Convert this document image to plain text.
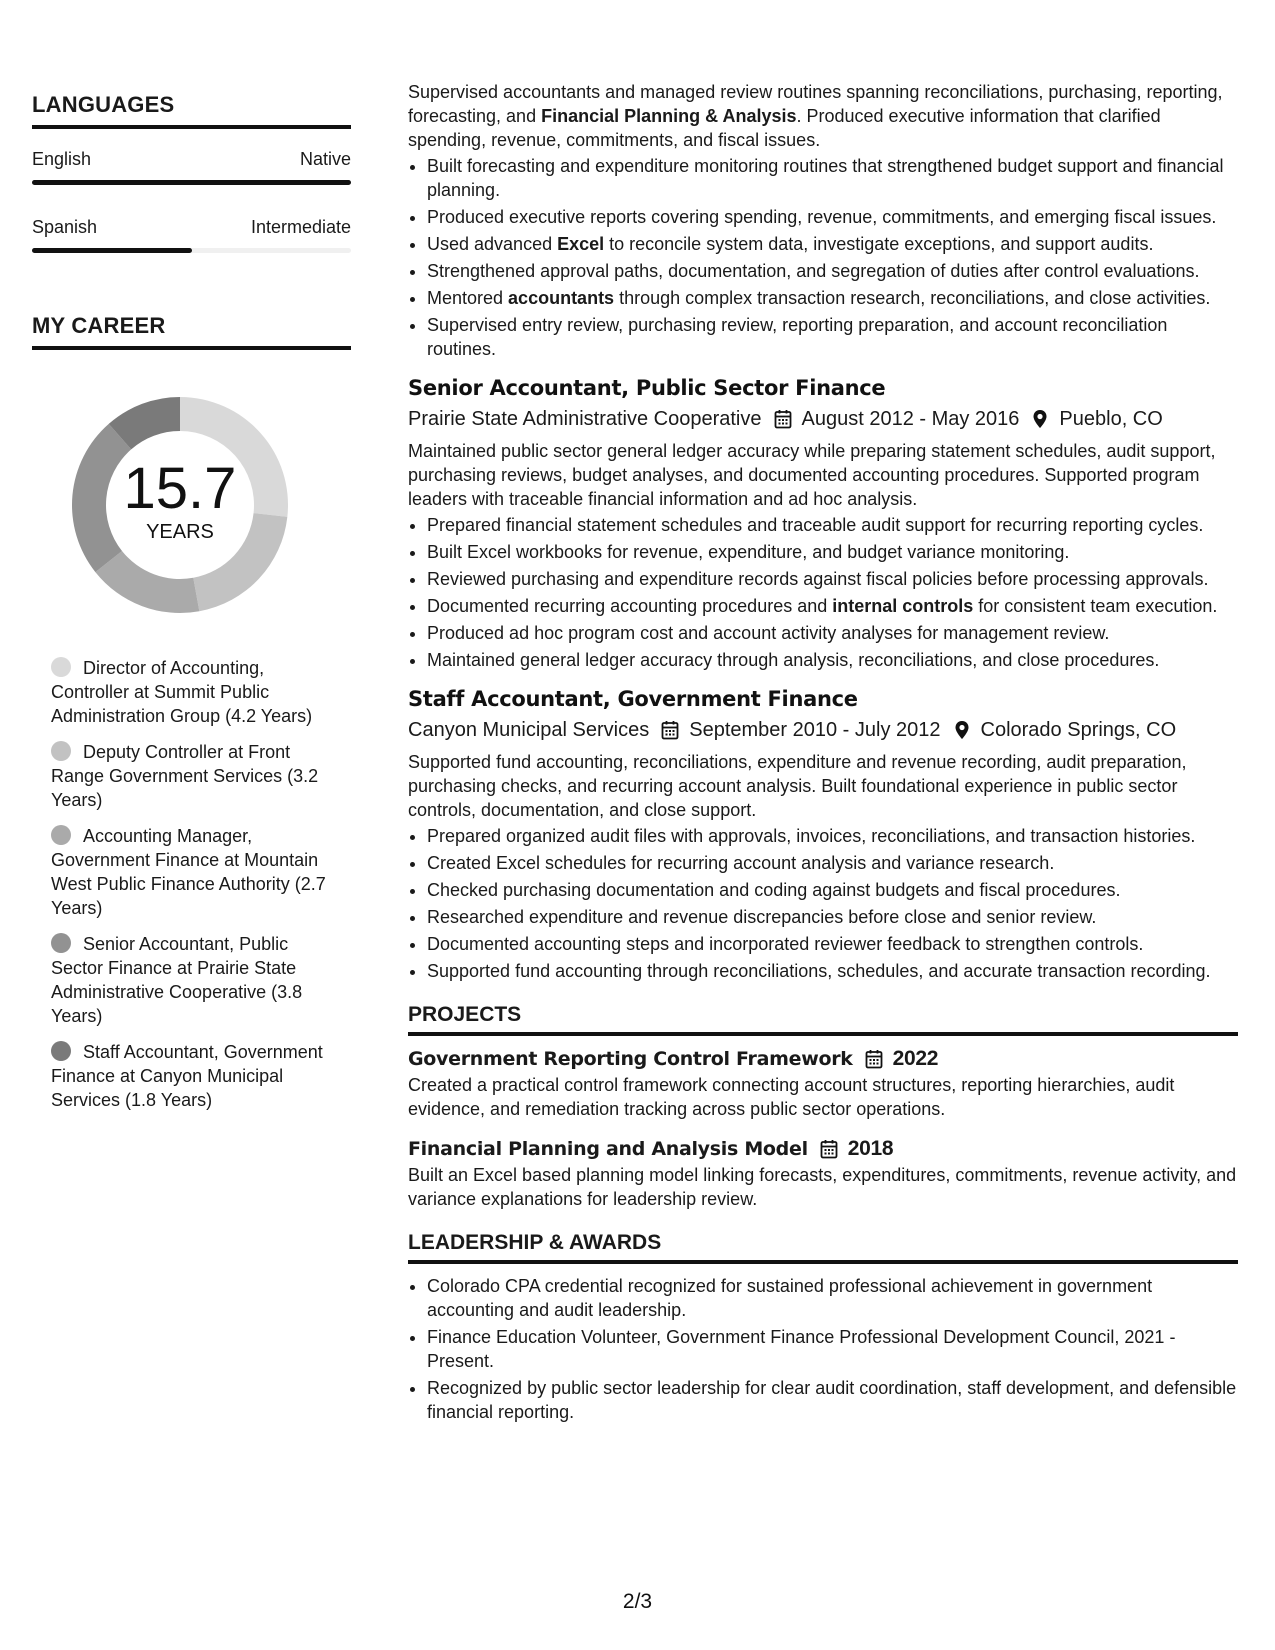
LANGUAGES
English	Native
Spanish	Intermediate
MY CAREER
15.7
YEARS
Director of Accounting, Controller at Summit Public Administration Group (4.2 Years)
Deputy Controller at Front Range Government Services (3.2 Years)
Accounting Manager, Government Finance at Mountain West Public Finance Authority (2.7 Years)
Senior Accountant, Public Sector Finance at Prairie State Administrative Cooperative (3.8 Years)
Staff Accountant, Government Finance at Canyon Municipal Services (1.8 Years)

Supervised accountants and managed review routines spanning reconciliations, purchasing, reporting, forecasting, and Financial Planning & Analysis. Produced executive information that clarified spending, revenue, commitments, and fiscal issues.

• Built forecasting and expenditure monitoring routines that strengthened budget support and financial planning.
• Produced executive reports covering spending, revenue, commitments, and emerging fiscal issues.
• Used advanced Excel to reconcile system data, investigate exceptions, and support audits.
• Strengthened approval paths, documentation, and segregation of duties after control evaluations.
• Mentored accountants through complex transaction research, reconciliations, and close activities.
• Supervised entry review, purchasing review, reporting preparation, and account reconciliation routines.
Senior Accountant, Public Sector Finance
Prairie State Administrative Cooperative August 2012 - May 2016 Pueblo, CO

Maintained public sector general ledger accuracy while preparing statement schedules, audit support, purchasing reviews, budget analyses, and documented accounting procedures. Supported program leaders with traceable financial information and ad hoc analysis.

• Prepared financial statement schedules and traceable audit support for recurring reporting cycles.
• Built Excel workbooks for revenue, expenditure, and budget variance monitoring.
• Reviewed purchasing and expenditure records against fiscal policies before processing approvals.
• Documented recurring accounting procedures and internal controls for consistent team execution.
• Produced ad hoc program cost and account activity analyses for management review.
• Maintained general ledger accuracy through analysis, reconciliations, and close procedures.
Staff Accountant, Government Finance
Canyon Municipal Services September 2010 - July 2012 Colorado Springs, CO

Supported fund accounting, reconciliations, expenditure and revenue recording, audit preparation, purchasing checks, and recurring account analysis. Built foundational experience in public sector controls, documentation, and close support.

• Prepared organized audit files with approvals, invoices, reconciliations, and transaction histories.
• Created Excel schedules for recurring account analysis and variance research.
• Checked purchasing documentation and coding against budgets and fiscal procedures.
• Researched expenditure and revenue discrepancies before close and senior review.
• Documented accounting steps and incorporated reviewer feedback to strengthen controls.
• Supported fund accounting through reconciliations, schedules, and accurate transaction recording.
PROJECTS
Government Reporting Control Framework 2022

Created a practical control framework connecting account structures, reporting hierarchies, audit evidence, and remediation tracking across public sector operations.

Financial Planning and Analysis Model 2018

Built an Excel based planning model linking forecasts, expenditures, commitments, revenue activity, and variance explanations for leadership review.

LEADERSHIP & AWARDS
• Colorado CPA credential recognized for sustained professional achievement in government accounting and audit leadership.
• Finance Education Volunteer, Government Finance Professional Development Council, 2021 - Present.
• Recognized by public sector leadership for clear audit coordination, staff development, and defensible financial reporting.
2/3
